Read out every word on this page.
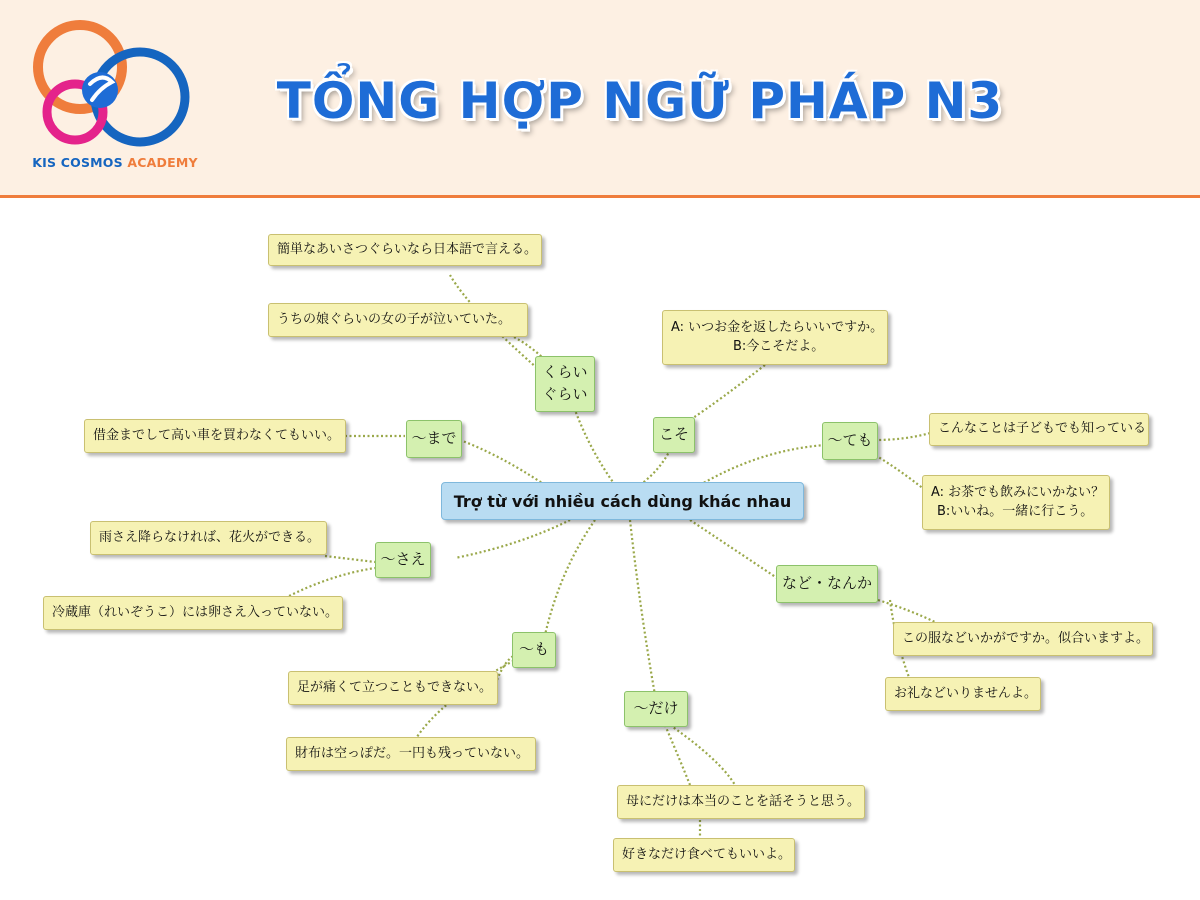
KIS COSMOS ACADEMY
TỔNG HỢP NGỮ PHÁP N3
Trợ từ với nhiều cách dùng khác nhau
くらい
ぐらい
簡単なあいさつぐらいなら日本語で言える。
うちの娘ぐらいの女の子が泣いていた。
こそ
A: いつお金を返したらいいですか。
B:今こそだよ。
〜ても
こんなことは子どもでも知っている
A: お茶でも飲みにいかない？
B:いいね。一緒に行こう。
〜まで
借金までして高い車を買わなくてもいい。
〜さえ
雨さえ降らなければ、花火ができる。
冷蔵庫（れいぞうこ）には卵さえ入っていない。
など・なんか
この服などいかがですか。似合いますよ。
お礼などいりませんよ。
〜も
足が痛くて立つこともできない。
財布は空っぽだ。一円も残っていない。
〜だけ
母にだけは本当のことを話そうと思う。
好きなだけ食べてもいいよ。
